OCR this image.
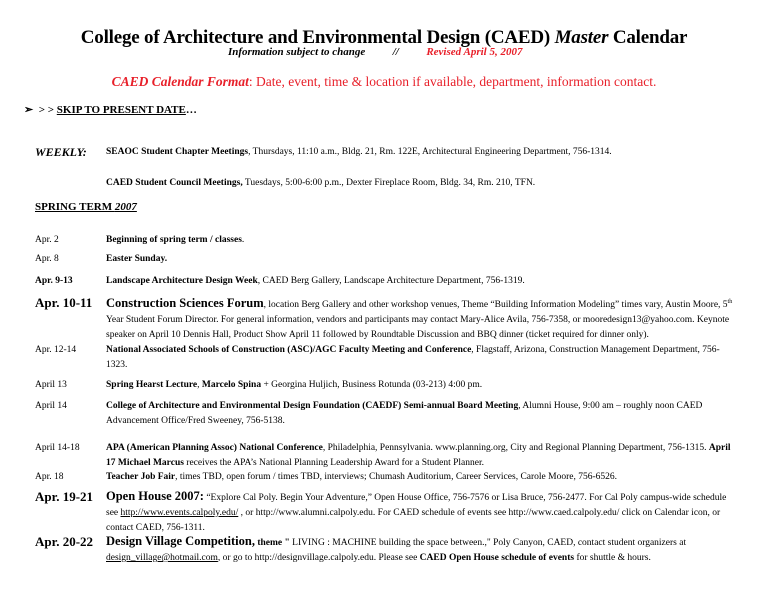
College of Architecture and Environmental Design (CAED) Master Calendar
Information subject to change          //          Revised April 5, 2007
CAED Calendar Format: Date, event, time & location if available, department, information contact.
➢  > > SKIP TO PRESENT DATE…
WEEKLY: SEAOC Student Chapter Meetings, Thursdays, 11:10 a.m., Bldg. 21, Rm. 122E, Architectural Engineering Department, 756-1314.
CAED Student Council Meetings, Tuesdays, 5:00-6:00 p.m., Dexter Fireplace Room, Bldg. 34, Rm. 210, TFN.
SPRING TERM 2007
Apr. 2	Beginning of spring term / classes.
Apr. 8	Easter Sunday.
Apr. 9-13	Landscape Architecture Design Week, CAED Berg Gallery, Landscape Architecture Department, 756-1319.
Apr. 10-11	Construction Sciences Forum, location Berg Gallery and other workshop venues, Theme “Building Information Modeling” times vary, Austin Moore, 5th Year Student Forum Director. For general information, vendors and participants may contact Mary-Alice Avila, 756-7358, or mooredesign13@yahoo.com. Keynote speaker on April 10 Dennis Hall, Product Show April 11 followed by Roundtable Discussion and BBQ dinner (ticket required for dinner only).
Apr. 12-14	National Associated Schools of Construction (ASC)/AGC Faculty Meeting and Conference, Flagstaff, Arizona, Construction Management Department, 756-1323.
April 13	Spring Hearst Lecture, Marcelo Spina + Georgina Huljich, Business Rotunda (03-213) 4:00 pm.
April 14	College of Architecture and Environmental Design Foundation (CAEDF) Semi-annual Board Meeting, Alumni House, 9:00 am – roughly noon CAED Advancement Office/Fred Sweeney, 756-5138.
April 14-18	APA (American Planning Assoc) National Conference, Philadelphia, Pennsylvania. www.planning.org, City and Regional Planning Department, 756-1315. April 17 Michael Marcus receives the APA’s National Planning Leadership Award for a Student Planner.
Apr. 18	Teacher Job Fair, times TBD, open forum / times TBD, interviews; Chumash Auditorium, Career Services, Carole Moore, 756-6526.
Apr. 19-21	Open House 2007: “Explore Cal Poly. Begin Your Adventure,” Open House Office, 756-7576 or Lisa Bruce, 756-2477. For Cal Poly campus-wide schedule see http://www.events.calpoly.edu/ , or http://www.alumni.calpoly.edu. For CAED schedule of events see http://www.caed.calpoly.edu/ click on Calendar icon, or contact CAED, 756-1311.
Apr. 20-22	Design Village Competition, theme " LIVING : MACHINE building the space between.," Poly Canyon, CAED, contact student organizers at design_village@hotmail.com, or go to http://designvillage.calpoly.edu. Please see CAED Open House schedule of events for shuttle & hours.
